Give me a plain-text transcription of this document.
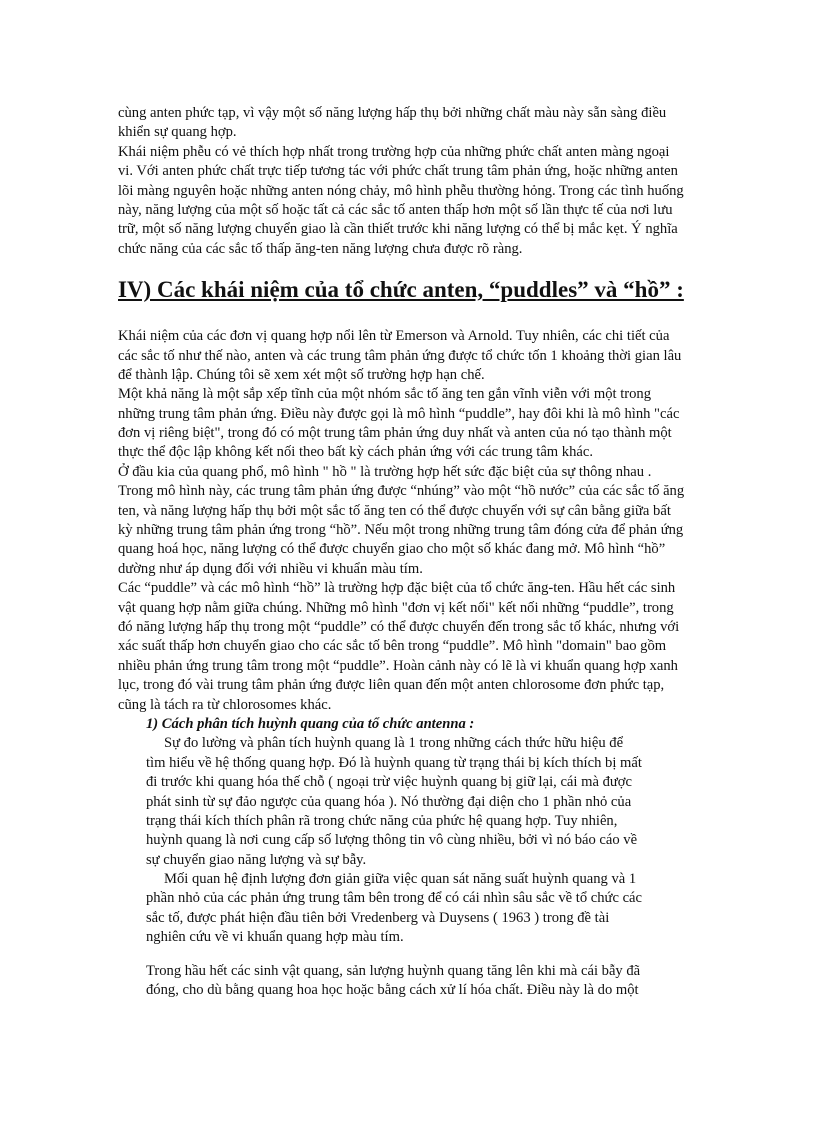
cùng anten phức tạp, vì vậy một số năng lượng hấp thụ bởi những chất màu này sẵn sàng điều
khiển sự quang hợp.
Khái niệm phễu có vẻ thích hợp nhất trong trường hợp của những phức chất anten màng ngoại
vi. Với anten phức chất trực tiếp tương tác với phức chất trung tâm phản ứng, hoặc những anten
lõi màng nguyên hoặc những anten nóng chảy, mô hình phễu thường hỏng. Trong các tình huống
này, năng lượng của một số hoặc tất cả các sắc tố anten thấp hơn một số lần thực tế của nơi lưu
trữ, một số năng lượng chuyển giao là cần thiết trước khi năng lượng có thể bị mắc kẹt. Ý nghĩa
chức năng của các sắc tố thấp ăng-ten năng lượng chưa được rõ ràng.
IV) Các khái niệm của tổ chức anten, “puddles” và “hồ” :
Khái niệm của các đơn vị quang hợp nổi lên từ Emerson và Arnold. Tuy nhiên, các chi tiết của
các sắc tố như thế nào, anten và các trung tâm phản ứng được tổ chức tốn 1 khoảng thời gian lâu
để thành lập. Chúng tôi sẽ xem xét một số trường hợp hạn chế.
Một khả năng là một sắp xếp tĩnh của một nhóm sắc tố ăng ten gắn vĩnh viễn với một trong
những trung tâm phản ứng. Điều này được gọi là mô hình “puddle”, hay đôi khi là mô hình "các
đơn vị riêng biệt", trong đó có một trung tâm phản ứng duy nhất và anten của nó tạo thành một
thực thể độc lập không kết nối theo bất kỳ cách phản ứng với các trung tâm khác.
Ở đầu kia của quang phổ, mô hình " hồ " là trường hợp hết sức đặc biệt của sự thông nhau .
Trong mô hình này, các trung tâm phản ứng được “nhúng” vào một “hồ nước” của các sắc tố ăng
ten, và năng lượng hấp thụ bởi một sắc tố ăng ten có thể được chuyển với sự cân bằng giữa bất
kỳ những trung tâm phản ứng trong “hồ”. Nếu một trong những trung tâm đóng cửa để phản ứng
quang hoá học, năng lượng có thể được chuyển giao cho một số khác đang mở. Mô hình “hồ”
dường như áp dụng đối với nhiều vi khuẩn màu tím.
Các “puddle” và các mô hình “hồ” là trường hợp đặc biệt của tổ chức ăng-ten. Hầu hết các sinh
vật quang hợp nằm giữa chúng. Những mô hình "đơn vị kết nối" kết nối những “puddle”, trong
đó năng lượng hấp thụ trong một “puddle” có thể được chuyển đến trong sắc tố khác, nhưng với
xác suất thấp hơn chuyển giao cho các sắc tố bên trong “puddle”. Mô hình "domain" bao gồm
nhiều phản ứng trung tâm trong một “puddle”. Hoàn cảnh này có lẽ là vi khuẩn quang hợp xanh
lục, trong đó vài trung tâm phản ứng được liên quan đến một anten chlorosome đơn phức tạp,
cũng là tách ra từ chlorosomes khác.
1) Cách phân tích huỳnh quang của tổ chức antenna :
Sự đo lường và phân tích huỳnh quang là 1 trong những cách thức hữu hiệu để
tìm hiểu về hệ thống quang hợp. Đó là huỳnh quang từ trạng thái bị kích thích bị mất
đi trước khi quang hóa thế chỗ ( ngoại trừ việc huỳnh quang bị giữ lại, cái mà được
phát sinh từ sự đảo ngược của quang hóa ). Nó thường đại diện cho 1 phần nhỏ của
trạng thái kích thích phân rã trong chức năng của phức hệ quang hợp. Tuy nhiên,
huỳnh quang là nơi cung cấp số lượng thông tin vô cùng nhiều, bởi vì nó báo cáo về
sự chuyển giao năng lượng và sự bẫy.
Mối quan hệ định lượng đơn giản giữa việc quan sát năng suất huỳnh quang và 1
phần nhỏ của các phản ứng trung tâm bên trong để có cái nhìn sâu sắc về tổ chức các
sắc tố, được phát hiện đầu tiên bởi Vredenberg và Duysens ( 1963 ) trong đề tài
nghiên cứu về vi khuẩn quang hợp màu tím.
Trong hầu hết các sinh vật quang, sản lượng huỳnh quang tăng lên khi mà cái bẫy đã
đóng, cho dù bằng quang hoa học hoặc bằng cách xử lí hóa chất. Điều này là do một
